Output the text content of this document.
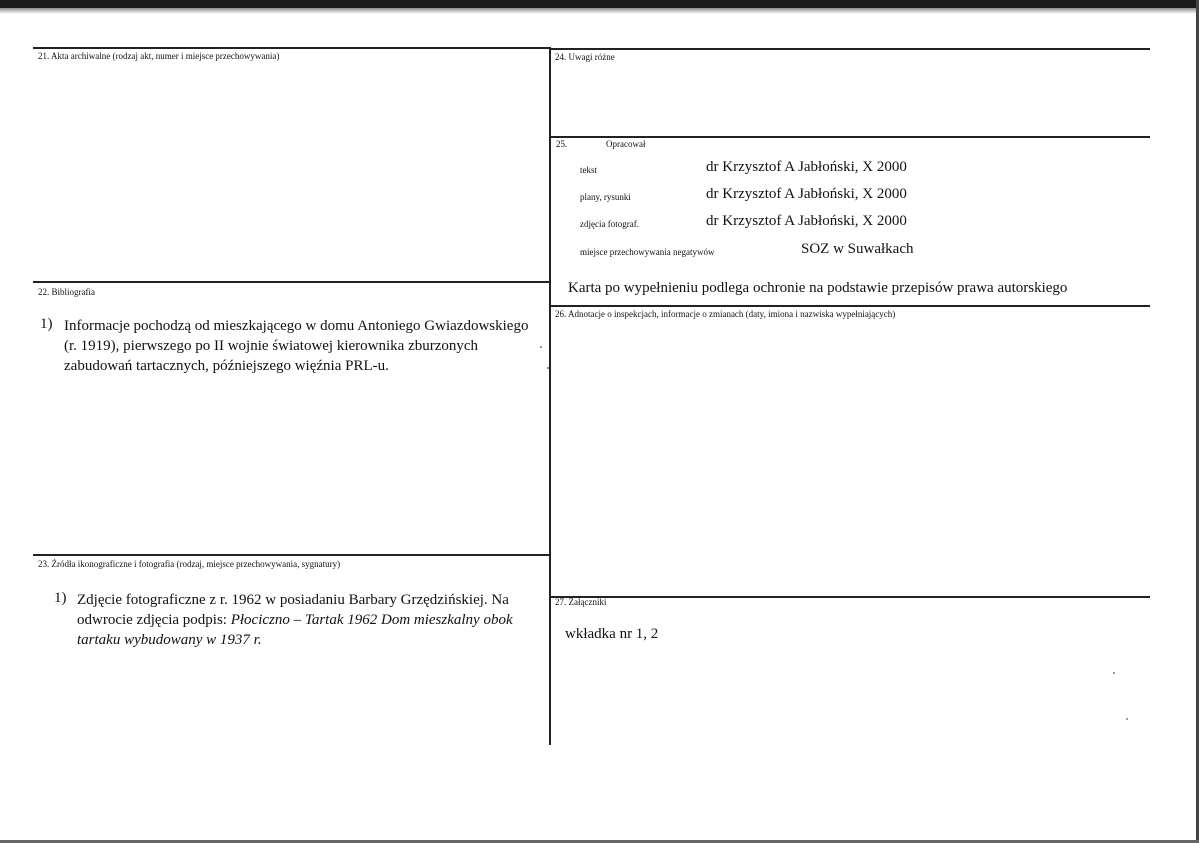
21. Akta archiwalne (rodzaj akt, numer i miejsce przechowywania)	24. Uwagi różne
25.	Opracował
tekst	dr Krzysztof A Jabłoński, X 2000
plany, rysunki	dr Krzysztof A Jabłoński, X 2000
zdjęcia fotograf.	dr Krzysztof A Jabłoński, X 2000
miejsce przechowywania negatywów	SOZ w Suwałkach
Karta po wypełnieniu podlega ochronie na podstawie przepisów prawa autorskiego
22. Bibliografia
1) Informacje pochodzą od mieszkającego w domu Antoniego Gwiazdowskiego (r. 1919), pierwszego po II wojnie światowej kierownika zburzonych zabudowań tartacznych, późniejszego więźnia PRL-u.

26. Adnotacje o inspekcjach, informacje o zmianach (daty, imiona i nazwiska wypełniających)
23. Źródła ikonograficzne i fotografia (rodzaj, miejsce przechowywania, sygnatury)
1) Zdjęcie fotograficzne z r. 1962 w posiadaniu Barbary Grzędzińskiej. Na odwrocie zdjęcia podpis: Płociczno – Tartak 1962 Dom mieszkalny obok tartaku wybudowany w 1937 r.

27. Załączniki
wkładka nr 1, 2
